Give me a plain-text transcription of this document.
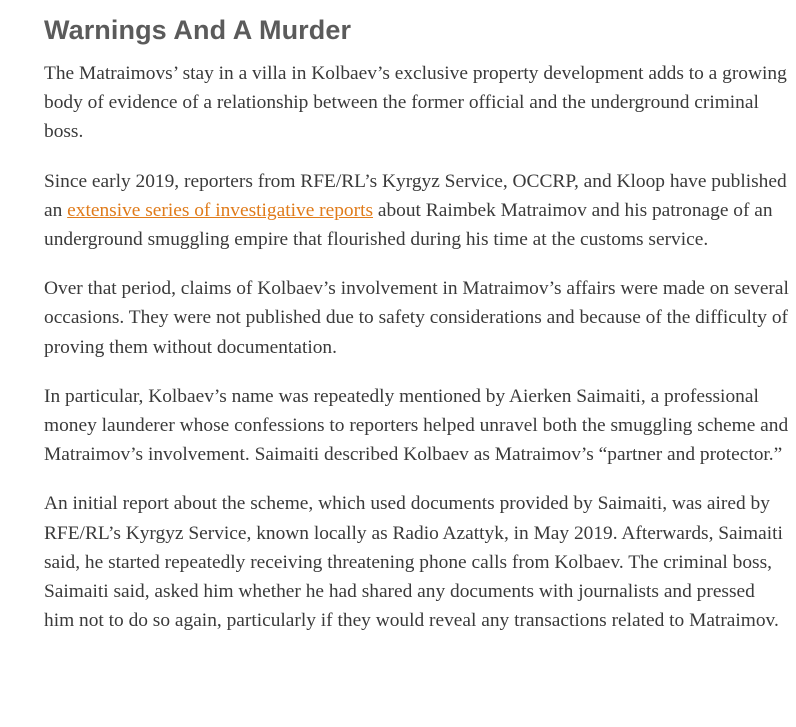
Warnings And A Murder

The Matraimovs’ stay in a villa in Kolbaev’s exclusive property development adds to a growing body of evidence of a relationship between the former official and the underground criminal boss.

Since early 2019, reporters from RFE/RL’s Kyrgyz Service, OCCRP, and Kloop have published an extensive series of investigative reports about Raimbek Matraimov and his patronage of an underground smuggling empire that flourished during his time at the customs service.

Over that period, claims of Kolbaev’s involvement in Matraimov’s affairs were made on several occasions. They were not published due to safety considerations and because of the difficulty of proving them without documentation.

In particular, Kolbaev’s name was repeatedly mentioned by Aierken Saimaiti, a professional money launderer whose confessions to reporters helped unravel both the smuggling scheme and Matraimov’s involvement. Saimaiti described Kolbaev as Matraimov’s “partner and protector.”

An initial report about the scheme, which used documents provided by Saimaiti, was aired by RFE/RL’s Kyrgyz Service, known locally as Radio Azattyk, in May 2019. Afterwards, Saimaiti said, he started repeatedly receiving threatening phone calls from Kolbaev. The criminal boss, Saimaiti said, asked him whether he had shared any documents with journalists and pressed him not to do so again, particularly if they would reveal any transactions related to Matraimov.
